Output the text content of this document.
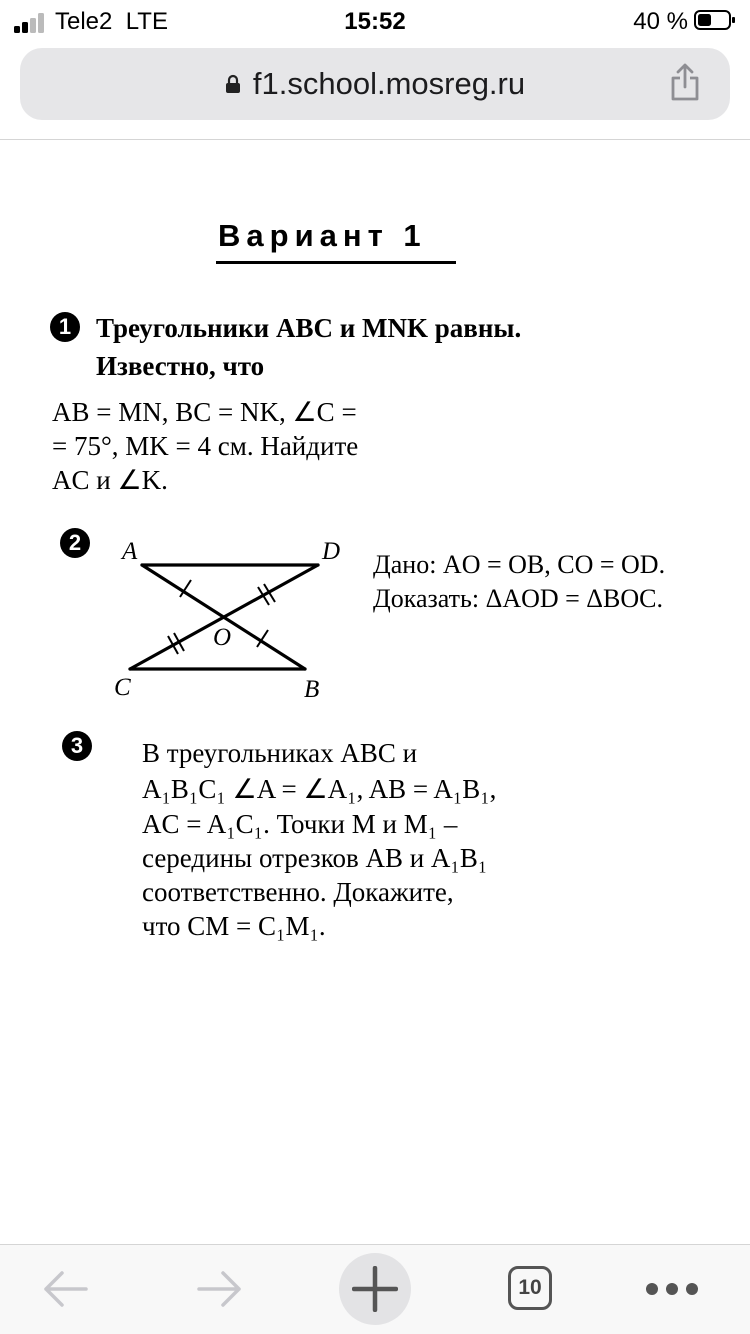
Tele2 LTE	15:52	40 %
f1.school.mosreg.ru
Вариант 1
1 Треугольники ABC и MNK равны.
Известно, что
AB = MN, BC = NK, ∠C =
= 75°, MK = 4 см. Найдите
AC и ∠K.
2	A	D
O
C	B
Дано: AO = OB, CO = OD.
Доказать: ΔAOD = ΔBOC.
3	В треугольниках ABC и
A₁B₁C₁ ∠A = ∠A₁, AB = A₁B₁,
AC = A₁C₁. Точки M и M₁ –
середины отрезков AB и A₁B₁
соответственно. Докажите,
что CM = C₁M₁.
10
